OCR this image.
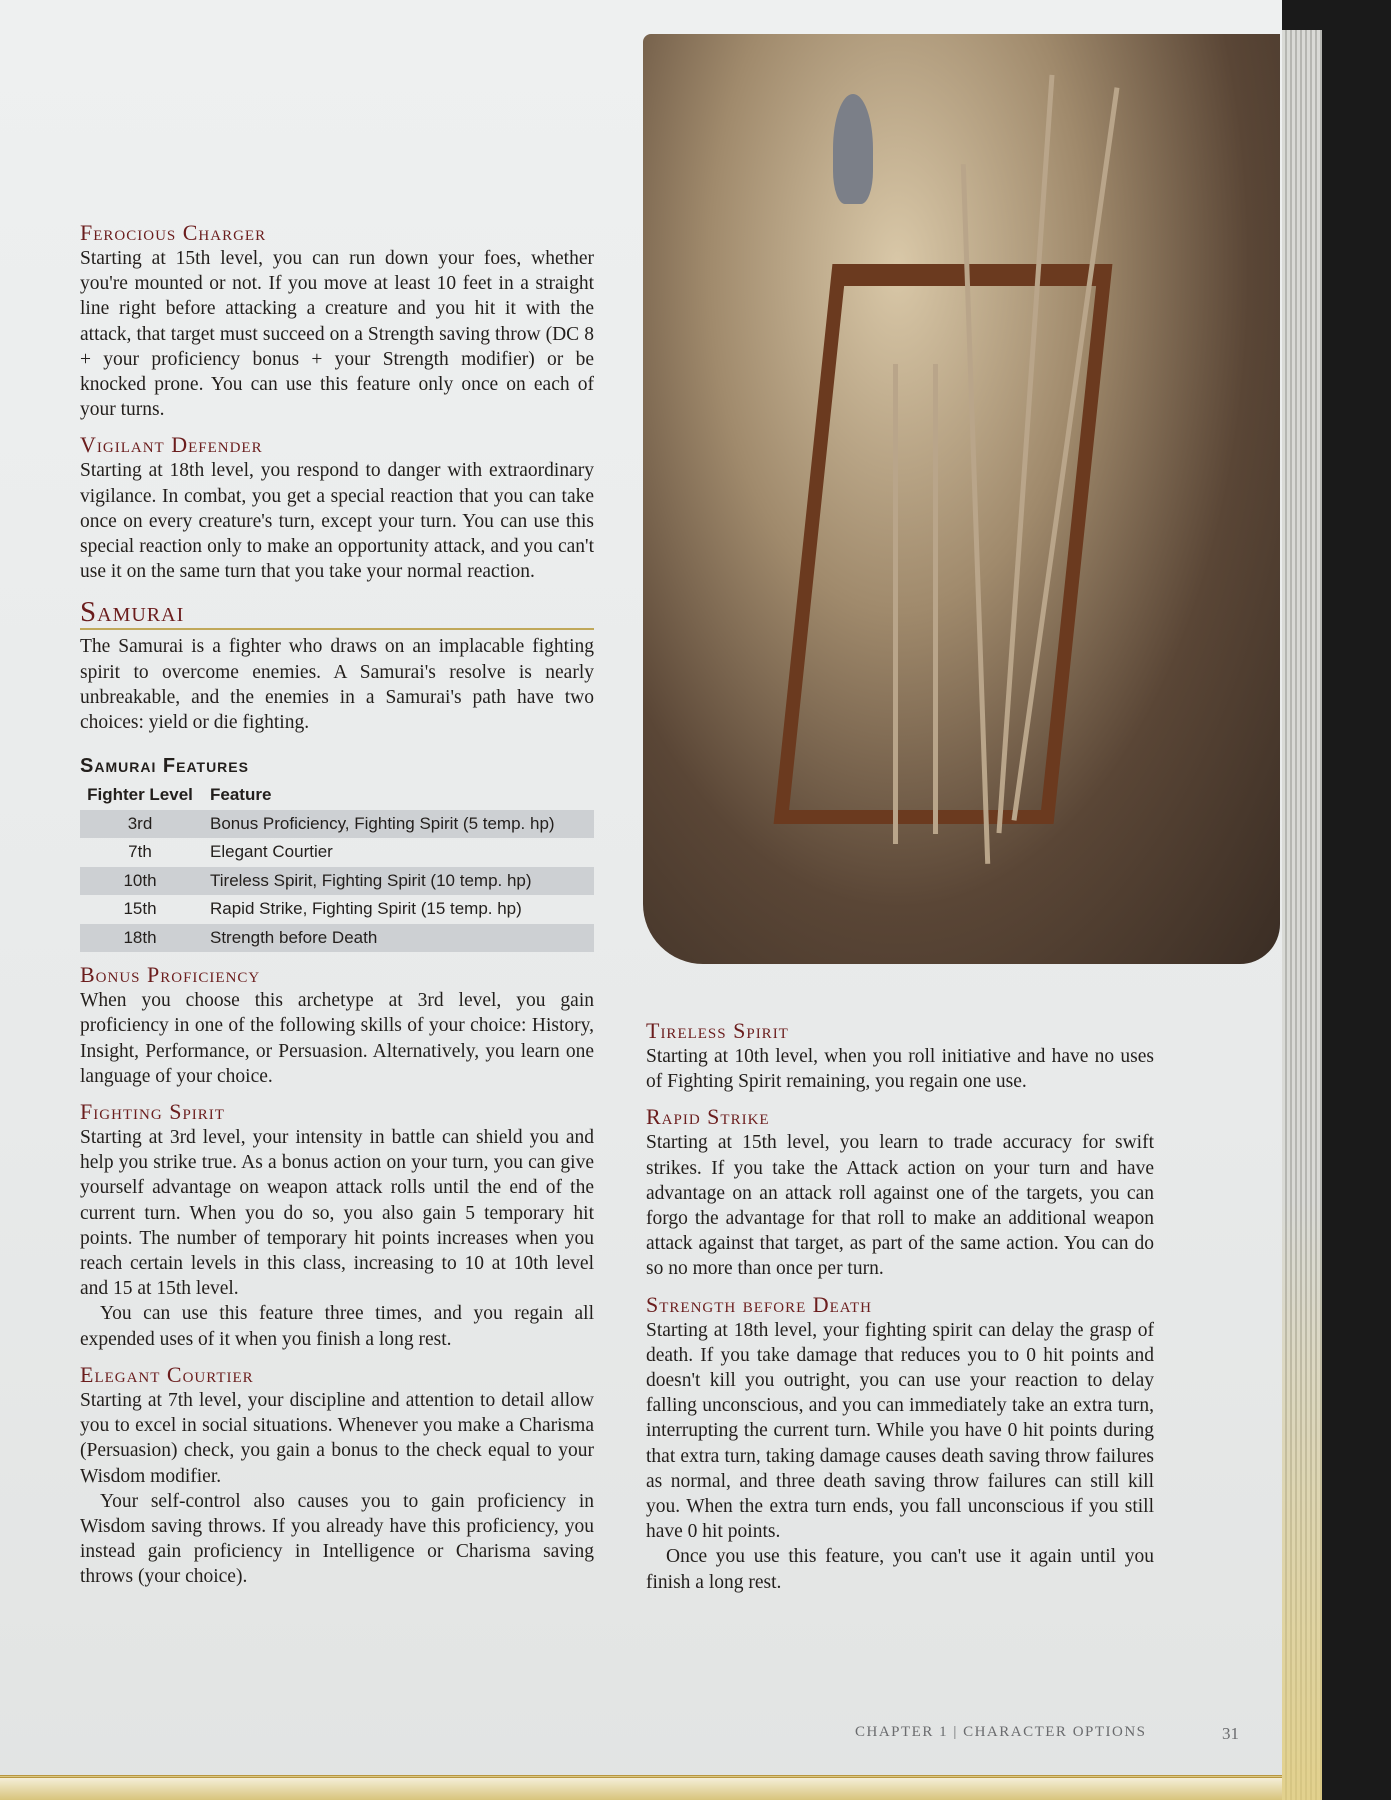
Ferocious Charger

Starting at 15th level, you can run down your foes, whether you're mounted or not. If you move at least 10 feet in a straight line right before attacking a creature and you hit it with the attack, that target must succeed on a Strength saving throw (DC 8 + your proficiency bonus + your Strength modifier) or be knocked prone. You can use this feature only once on each of your turns.

Vigilant Defender

Starting at 18th level, you respond to danger with extraordinary vigilance. In combat, you get a special reaction that you can take once on every creature's turn, except your turn. You can use this special reaction only to make an opportunity attack, and you can't use it on the same turn that you take your normal reaction.

Samurai

The Samurai is a fighter who draws on an implacable fighting spirit to overcome enemies. A Samurai's resolve is nearly unbreakable, and the enemies in a Samurai's path have two choices: yield or die fighting.

Samurai Features
Fighter Level	Feature
3rd	Bonus Proficiency, Fighting Spirit (5 temp. hp)
7th	Elegant Courtier
10th	Tireless Spirit, Fighting Spirit (10 temp. hp)
15th	Rapid Strike, Fighting Spirit (15 temp. hp)
18th	Strength before Death
Bonus Proficiency

When you choose this archetype at 3rd level, you gain proficiency in one of the following skills of your choice: History, Insight, Performance, or Persuasion. Alternatively, you learn one language of your choice.

Fighting Spirit

Starting at 3rd level, your intensity in battle can shield you and help you strike true. As a bonus action on your turn, you can give yourself advantage on weapon attack rolls until the end of the current turn. When you do so, you also gain 5 temporary hit points. The number of temporary hit points increases when you reach certain levels in this class, increasing to 10 at 10th level and 15 at 15th level.

You can use this feature three times, and you regain all expended uses of it when you finish a long rest.

Elegant Courtier

Starting at 7th level, your discipline and attention to detail allow you to excel in social situations. Whenever you make a Charisma (Persuasion) check, you gain a bonus to the check equal to your Wisdom modifier.

Your self-control also causes you to gain proficiency in Wisdom saving throws. If you already have this proficiency, you instead gain proficiency in Intelligence or Charisma saving throws (your choice).

Tireless Spirit

Starting at 10th level, when you roll initiative and have no uses of Fighting Spirit remaining, you regain one use.

Rapid Strike

Starting at 15th level, you learn to trade accuracy for swift strikes. If you take the Attack action on your turn and have advantage on an attack roll against one of the targets, you can forgo the advantage for that roll to make an additional weapon attack against that target, as part of the same action. You can do so no more than once per turn.

Strength before Death

Starting at 18th level, your fighting spirit can delay the grasp of death. If you take damage that reduces you to 0 hit points and doesn't kill you outright, you can use your reaction to delay falling unconscious, and you can immediately take an extra turn, interrupting the current turn. While you have 0 hit points during that extra turn, taking damage causes death saving throw failures as normal, and three death saving throw failures can still kill you. When the extra turn ends, you fall unconscious if you still have 0 hit points.

Once you use this feature, you can't use it again until you finish a long rest.

CHAPTER 1 | CHARACTER OPTIONS	31
